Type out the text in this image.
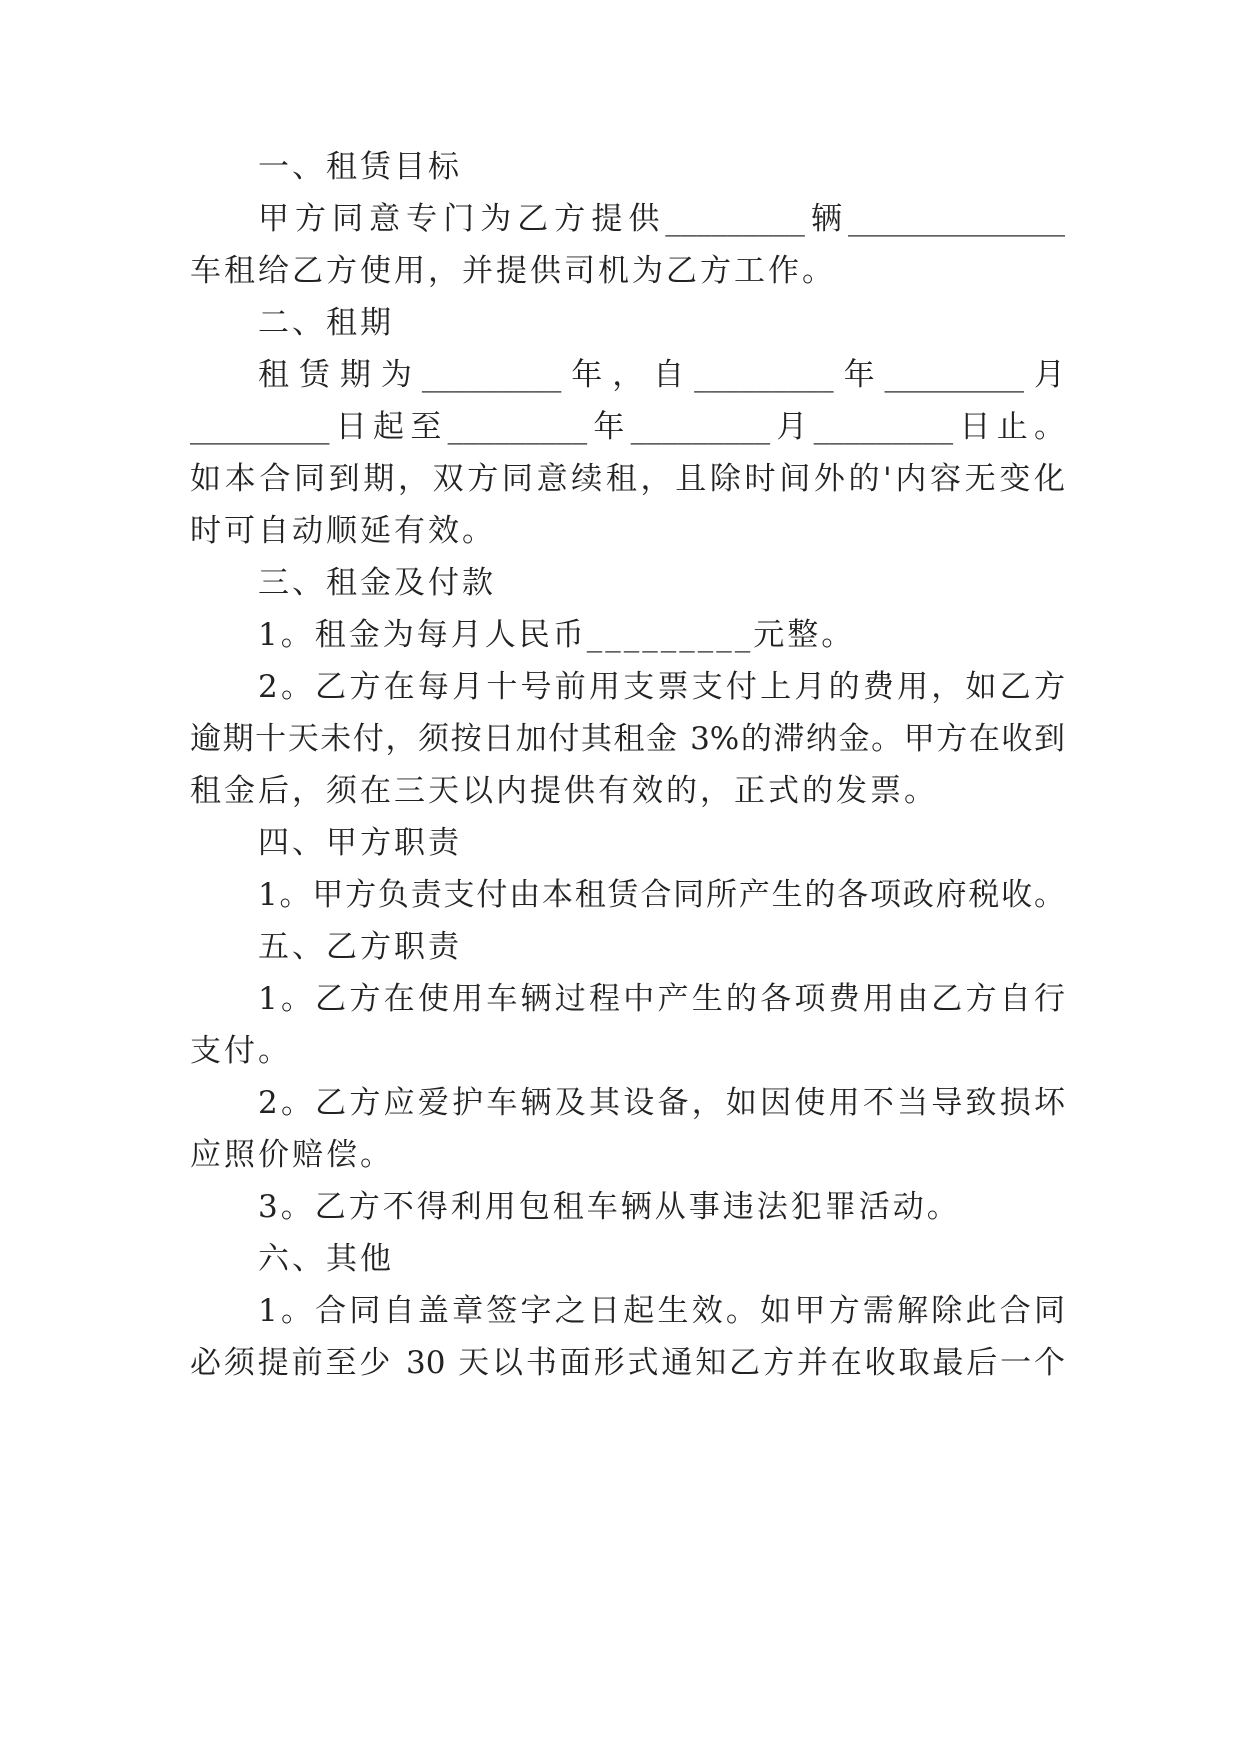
一、租赁目标
甲方同意专门为乙方提供_________辆______________
车租给乙方使用，并提供司机为乙方工作。
二、租期
租赁期为_________年，自_________年_________月
_________日起至_________年_________月_________日止。
如本合同到期，双方同意续租，且除时间外的'内容无变化
时可自动顺延有效。
三、租金及付款
1。租金为每月人民币_________元整。
2。乙方在每月十号前用支票支付上月的费用，如乙方
逾期十天未付，须按日加付其租金 3%的滞纳金。甲方在收到
租金后，须在三天以内提供有效的，正式的发票。
四、甲方职责
1。甲方负责支付由本租赁合同所产生的各项政府税收。
五、乙方职责
1。乙方在使用车辆过程中产生的各项费用由乙方自行
支付。
2。乙方应爱护车辆及其设备，如因使用不当导致损坏
应照价赔偿。
3。乙方不得利用包租车辆从事违法犯罪活动。
六、其他
1。合同自盖章签字之日起生效。如甲方需解除此合同
必须提前至少 30 天以书面形式通知乙方并在收取最后一个
